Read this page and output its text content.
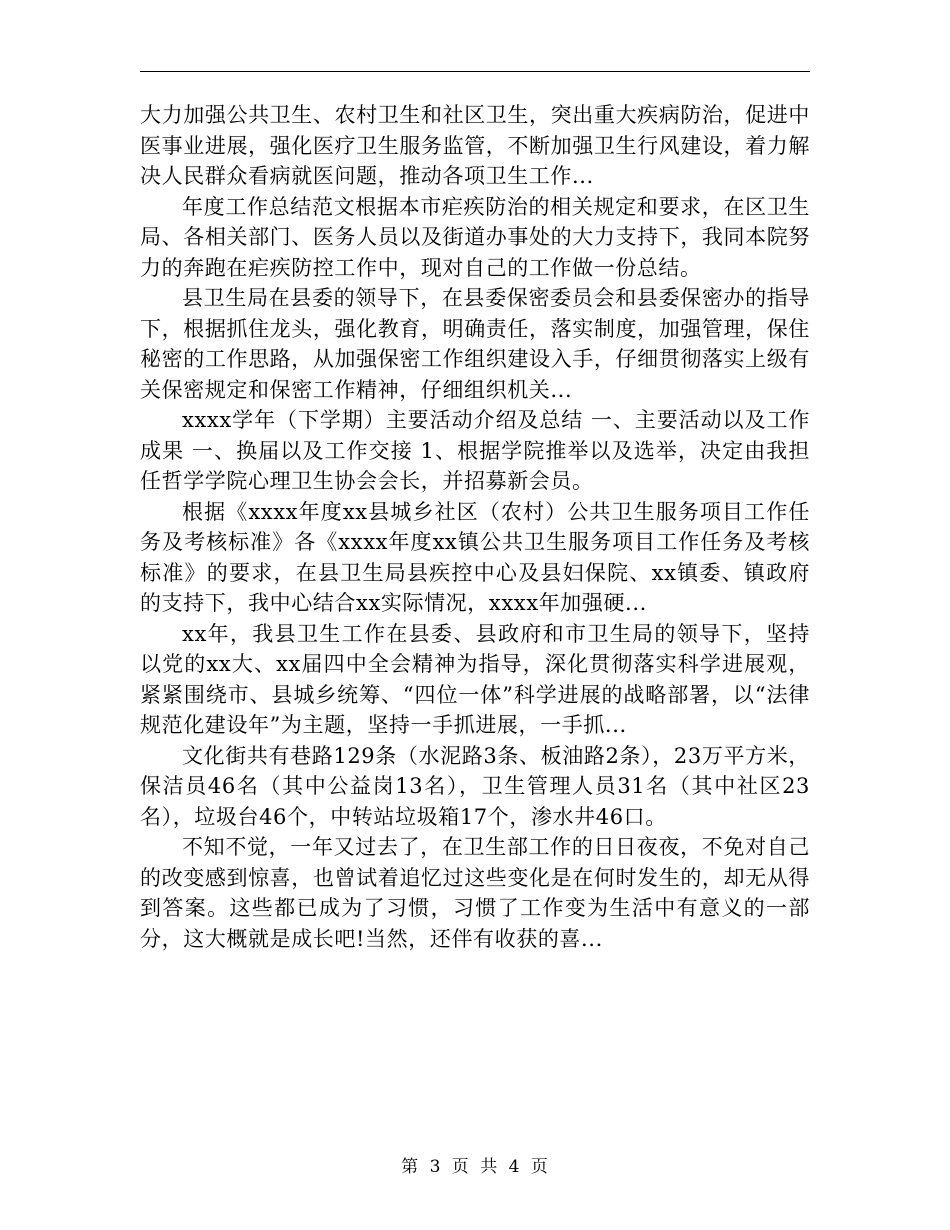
大力加强公共卫生、农村卫生和社区卫生，突出重大疾病防治，促进中医事业进展，强化医疗卫生服务监管，不断加强卫生行风建设，着力解决人民群众看病就医问题，推动各项卫生工作...

年度工作总结范文根据本市疟疾防治的相关规定和要求，在区卫生局、各相关部门、医务人员以及街道办事处的大力支持下，我同本院努力的奔跑在疟疾防控工作中，现对自己的工作做一份总结。

县卫生局在县委的领导下，在县委保密委员会和县委保密办的指导下，根据抓住龙头，强化教育，明确责任，落实制度，加强管理，保住秘密的工作思路，从加强保密工作组织建设入手，仔细贯彻落实上级有关保密规定和保密工作精神，仔细组织机关...

xxxx学年（下学期）主要活动介绍及总结 一、主要活动以及工作成果 一、换届以及工作交接 1、根据学院推举以及选举，决定由我担任哲学学院心理卫生协会会长，并招募新会员。

根据《xxxx年度xx县城乡社区（农村）公共卫生服务项目工作任务及考核标准》各《xxxx年度xx镇公共卫生服务项目工作任务及考核标准》的要求，在县卫生局县疾控中心及县妇保院、xx镇委、镇政府的支持下，我中心结合xx实际情况，xxxx年加强硬...

xx年，我县卫生工作在县委、县政府和市卫生局的领导下，坚持以党的xx大、xx届四中全会精神为指导，深化贯彻落实科学进展观，紧紧围绕市、县城乡统筹、“四位一体”科学进展的战略部署，以“法律规范化建设年”为主题，坚持一手抓进展，一手抓...

文化街共有巷路129条（水泥路3条、板油路2条），23万平方米，保洁员46名（其中公益岗13名），卫生管理人员31名（其中社区23名），垃圾台46个，中转站垃圾箱17个，渗水井46口。

不知不觉，一年又过去了，在卫生部工作的日日夜夜，不免对自己的改变感到惊喜，也曾试着追忆过这些变化是在何时发生的，却无从得到答案。这些都已成为了习惯，习惯了工作变为生活中有意义的一部分，这大概就是成长吧!当然，还伴有收获的喜...

第 3 页 共 4 页
